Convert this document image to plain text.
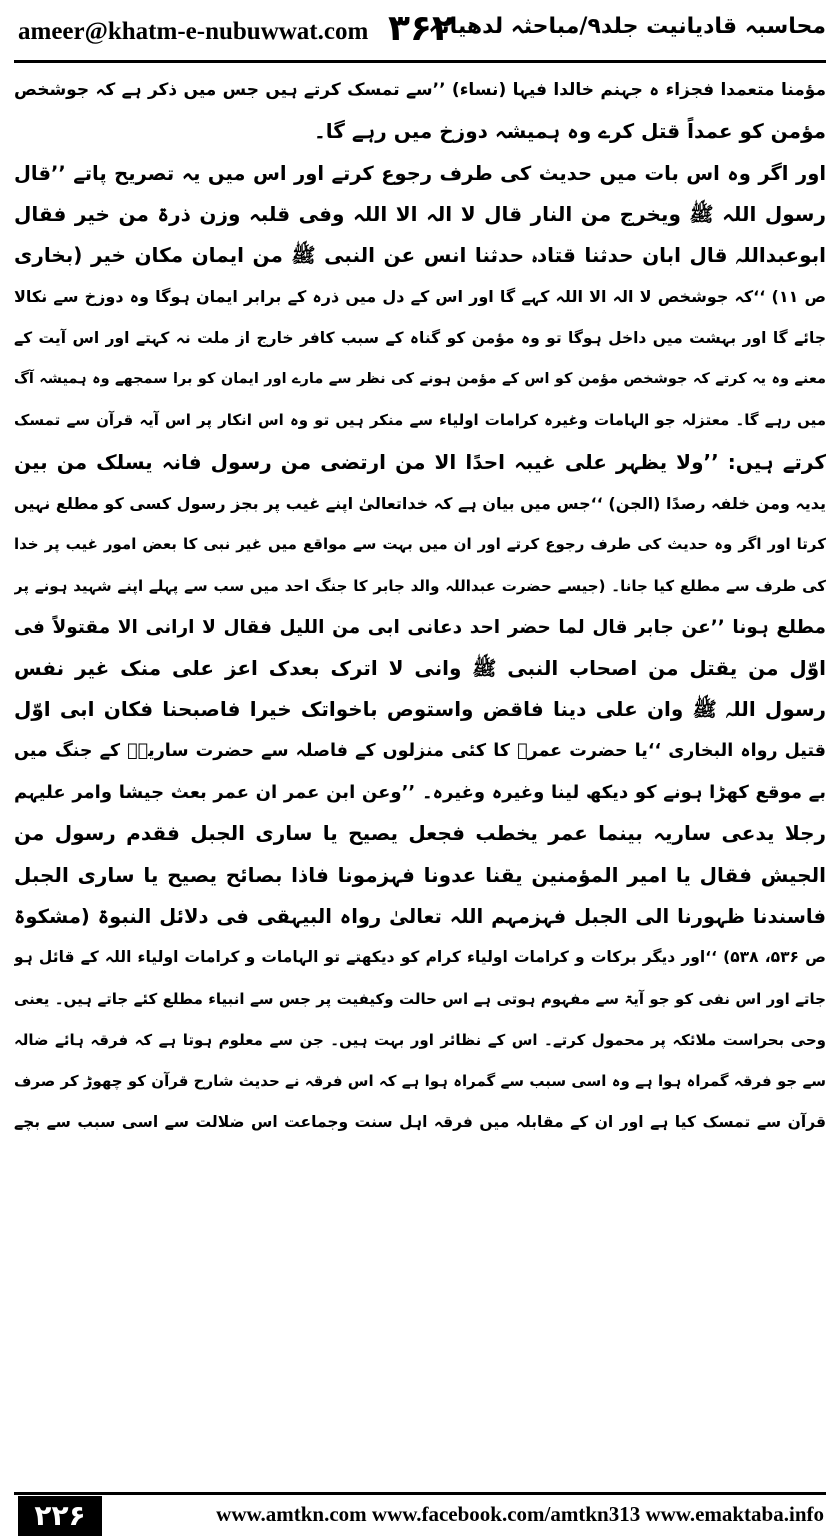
ameer@khatm-e-nubuwwat.com ۳۶۲
محاسبہ قادیانیت جلد۹/مباحثہ لدھیانہ
مؤمنا متعمدا فجزاء ہ جہنم خالدا فیہا (نساء) ’’سے تمسک کرتے ہیں جس میں ذکر ہے کہ جوشخص
مؤمن کو عمداً قتل کرے وہ ہمیشہ دوزخ میں رہے گا۔
اور اگر وہ اس بات میں حدیث کی طرف رجوع کرتے اور اس میں یہ تصریح پاتے ’’قال
رسول اللہ ﷺ ویخرج من النار قال لا الہ الا اللہ وفی قلبہ وزن ذرۃ من خیر فقال
ابوعبداللہ قال ابان حدثنا قتادہ حدثنا انس عن النبی ﷺ من ایمان مکان خیر (بخاری
ص ۱۱) ‘‘کہ جوشخص لا الہ الا اللہ کہے گا اور اس کے دل میں ذرہ کے برابر ایمان ہوگا وہ دوزخ سے نکالا
جائے گا اور بہشت میں داخل ہوگا تو وہ مؤمن کو گناہ کے سبب کافر خارج از ملت نہ کہتے اور اس آیت کے
معنے وہ یہ کرتے کہ جوشخص مؤمن کو اس کے مؤمن ہونے کی نظر سے مارے اور ایمان کو برا سمجھے وہ ہمیشہ آگ
میں رہے گا۔ معتزلہ جو الہامات وغیرہ کرامات اولیاء سے منکر ہیں تو وہ اس انکار پر اس آیہ قرآن سے تمسک
کرتے ہیں: ’’ولا یظہر علی غیبہ احدًا الا من ارتضی من رسول فانہ یسلک من بین
یدیہ ومن خلفہ رصدًا (الجن) ‘‘جس میں بیان ہے کہ خداتعالیٰ اپنے غیب پر بجز رسول کسی کو مطلع نہیں
کرتا اور اگر وہ حدیث کی طرف رجوع کرتے اور ان میں بہت سے مواقع میں غیر نبی کا بعض امور غیب پر خدا
کی طرف سے مطلع کیا جانا۔ (جیسے حضرت عبداللہ والد جابر کا جنگ احد میں سب سے پہلے اپنے شہید ہونے پر
مطلع ہونا ’’عن جابر قال لما حضر احد دعانی ابی من اللیل فقال لا ارانی الا مقتولاً فی
اوّل من یقتل من اصحاب النبی ﷺ وانی لا اترک بعدک اعز علی منک غیر نفس
رسول اللہ ﷺ وان علی دینا فاقض واستوص باخواتک خیرا فاصبحنا فکان ابی اوّل
قتیل رواہ البخاری ‘‘یا حضرت عمرؓ کا کئی منزلوں کے فاصلہ سے حضرت ساریہؓ کے جنگ میں
بے موقع کھڑا ہونے کو دیکھ لینا وغیرہ وغیرہ۔ ’’وعن ابن عمر ان عمر بعث جیشا وامر علیہم
رجلا یدعی ساریہ بینما عمر یخطب فجعل یصیح یا ساری الجبل فقدم رسول من
الجیش فقال یا امیر المؤمنین یقنا عدونا فہزمونا فاذا بصائح یصیح یا ساری الجبل
فاسندنا ظہورنا الی الجبل فہزمہم اللہ تعالیٰ رواہ البیہقی فی دلائل النبوۃ (مشکوۃ
ص ۵۳۶، ۵۳۸) ‘‘اور دیگر برکات و کرامات اولیاء کرام کو دیکھتے تو الہامات و کرامات اولیاء اللہ کے قائل ہو
جاتے اور اس نفی کو جو آیۃ سے مفہوم ہوتی ہے اس حالت وکیفیت پر جس سے انبیاء مطلع کئے جاتے ہیں۔ یعنی
وحی بحراست ملائکہ پر محمول کرتے۔ اس کے نظائر اور بہت ہیں۔ جن سے معلوم ہوتا ہے کہ فرقہ ہائے ضالہ
سے جو فرقہ گمراہ ہوا ہے وہ اسی سبب سے گمراہ ہوا ہے کہ اس فرقہ نے حدیث شارح قرآن کو چھوڑ کر صرف
قرآن سے تمسک کیا ہے اور ان کے مقابلہ میں فرقہ اہل سنت وجماعت اس ضلالت سے اسی سبب سے بچے
۲۲۶	www.amtkn.com www.facebook.com/amtkn313 www.emaktaba.info
